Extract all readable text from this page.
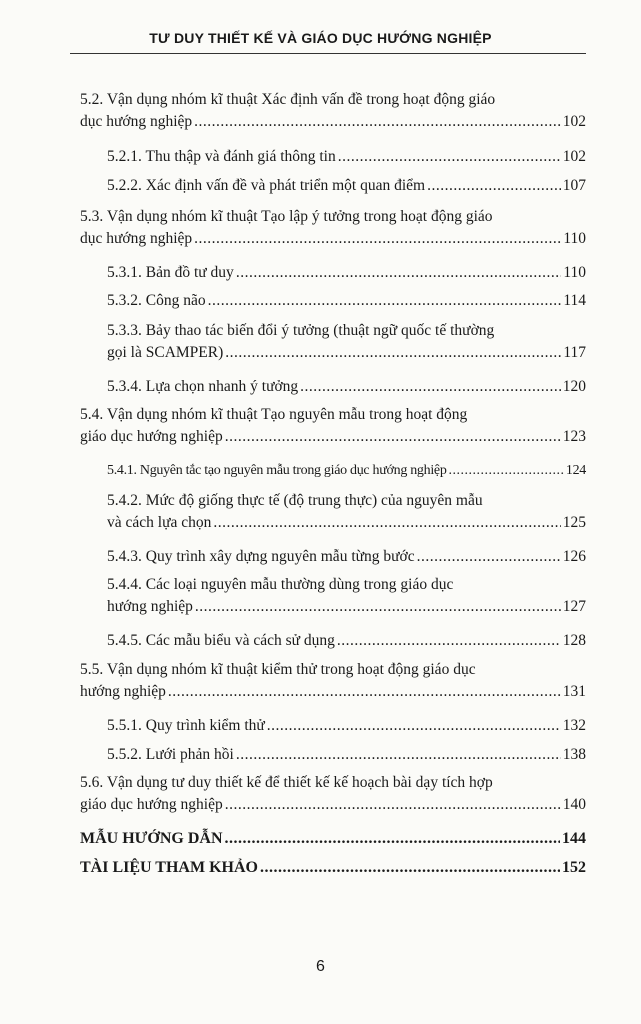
TƯ DUY THIẾT KẾ VÀ GIÁO DỤC HƯỚNG NGHIỆP
5.2. Vận dụng nhóm kĩ thuật Xác định vấn đề trong hoạt động giáo
dục hướng nghiệp .....	102
5.2.1. Thu thập và đánh giá thông tin .....	102
5.2.2. Xác định vấn đề và phát triển một quan điểm .....	107
5.3. Vận dụng nhóm kĩ thuật Tạo lập ý tưởng trong hoạt động giáo
dục hướng nghiệp .....	110
5.3.1. Bản đồ tư duy .....	110
5.3.2. Công não .....	114
5.3.3. Bảy thao tác biến đổi ý tưởng (thuật ngữ quốc tế thường
gọi là SCAMPER) .....	117
5.3.4. Lựa chọn nhanh ý tưởng .....	120
5.4. Vận dụng nhóm kĩ thuật Tạo nguyên mẫu trong hoạt động
giáo dục hướng nghiệp .....	123
5.4.1. Nguyên tắc tạo nguyên mẫu trong giáo dục hướng nghiệp .....	124
5.4.2. Mức độ giống thực tế (độ trung thực) của nguyên mẫu
và cách lựa chọn .....	125
5.4.3. Quy trình xây dựng nguyên mẫu từng bước .....	126
5.4.4. Các loại nguyên mẫu thường dùng trong giáo dục
hướng nghiệp .....	127
5.4.5. Các mẫu biểu và cách sử dụng .....	128
5.5. Vận dụng nhóm kĩ thuật kiểm thử trong hoạt động giáo dục
hướng nghiệp .....	131
5.5.1. Quy trình kiểm thử .....	132
5.5.2. Lưới phản hồi .....	138
5.6. Vận dụng tư duy thiết kế để thiết kế kế hoạch bài dạy tích hợp
giáo dục hướng nghiệp .....	140
MẪU HƯỚNG DẪN .....	144
TÀI LIỆU THAM KHẢO .....	152
6
